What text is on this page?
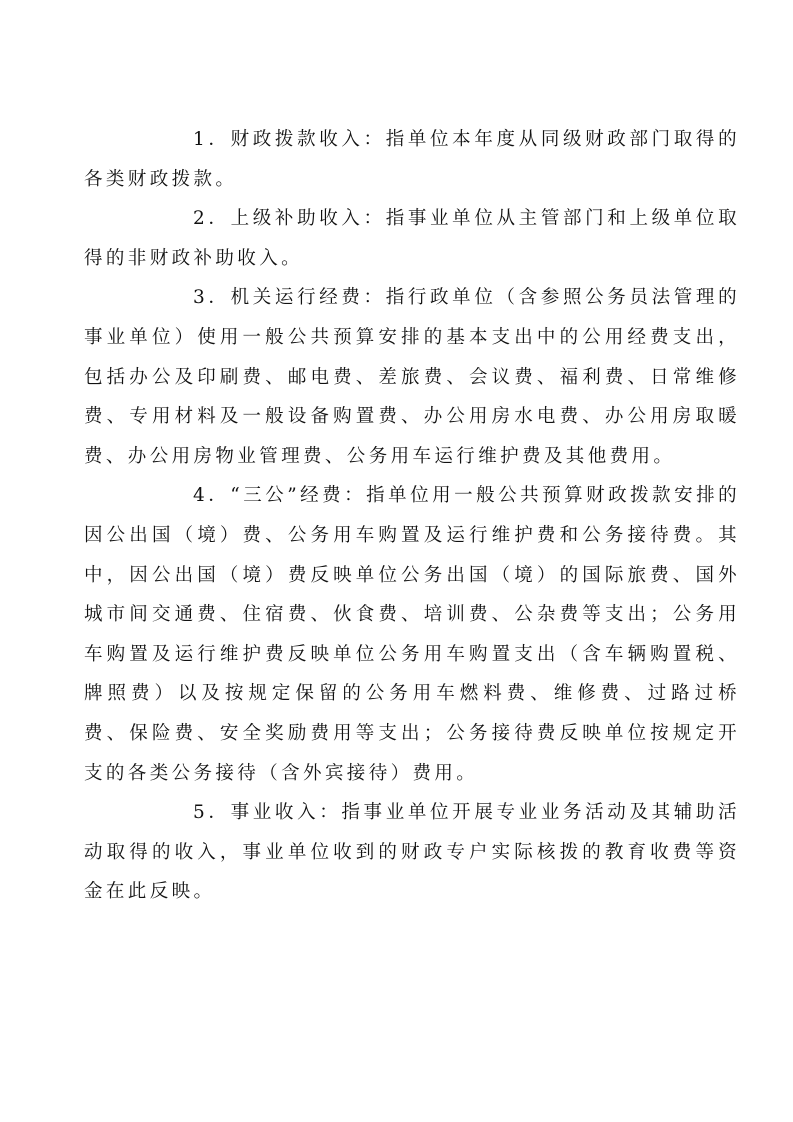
1．财政拨款收入：指单位本年度从同级财政部门取得的各类财政拨款。

2．上级补助收入：指事业单位从主管部门和上级单位取得的非财政补助收入。

3．机关运行经费：指行政单位（含参照公务员法管理的事业单位）使用一般公共预算安排的基本支出中的公用经费支出，包括办公及印刷费、邮电费、差旅费、会议费、福利费、日常维修费、专用材料及一般设备购置费、办公用房水电费、办公用房取暖费、办公用房物业管理费、公务用车运行维护费及其他费用。

4．“三公”经费：指单位用一般公共预算财政拨款安排的因公出国（境）费、公务用车购置及运行维护费和公务接待费。其中，因公出国（境）费反映单位公务出国（境）的国际旅费、国外城市间交通费、住宿费、伙食费、培训费、公杂费等支出；公务用车购置及运行维护费反映单位公务用车购置支出（含车辆购置税、牌照费）以及按规定保留的公务用车燃料费、维修费、过路过桥费、保险费、安全奖励费用等支出；公务接待费反映单位按规定开支的各类公务接待（含外宾接待）费用。

5．事业收入：指事业单位开展专业业务活动及其辅助活动取得的收入，事业单位收到的财政专户实际核拨的教育收费等资金在此反映。
